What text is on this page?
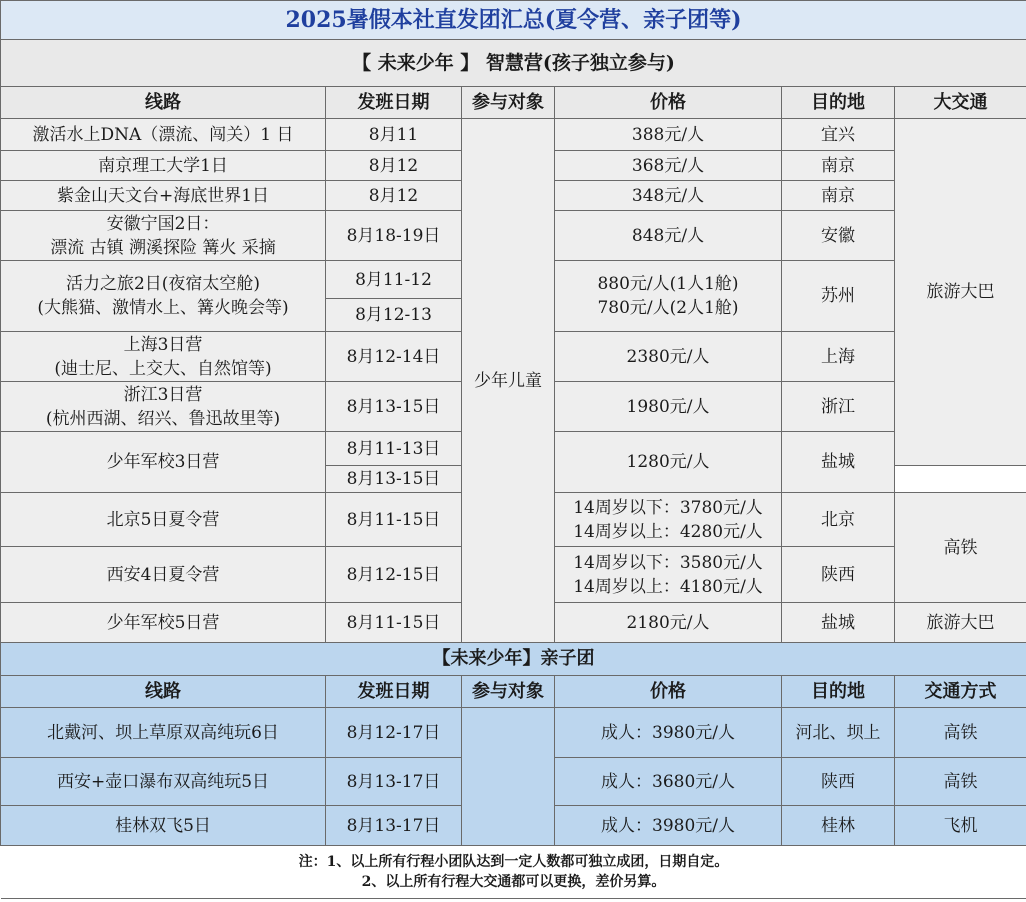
2025暑假本社直发团汇总(夏令营、亲子团等)					
【 未来少年 】 智慧营(孩子独立参与)					
线路	发班日期	参与对象	价格	目的地	大交通
激活水上DNA（漂流、闯关）1 日	8月11	少年儿童	388元/人	宜兴	旅游大巴
南京理工大学1日	8月12		368元/人	南京	
紫金山天文台+海底世界1日	8月12		348元/人	南京	

安徽宁国2日：
漂流 古镇 溯溪探险 篝火 采摘	8月18-19日		848元/人	安徽	

活力之旅2日(夜宿太空舱)
(大熊猫、激情水上、篝火晚会等)	8月11-12		880元/人(1人1舱)
780元/人(2人1舱)	苏州	
	8月12-13				

上海3日营
(迪士尼、上交大、自然馆等)	8月12-14日		2380元/人	上海	

浙江3日营
(杭州西湖、绍兴、鲁迅故里等)	8月13-15日		1980元/人	浙江	
少年军校3日营	8月11-13日		1280元/人	盐城	
	8月13-15日				
北京5日夏令营	8月11-15日		14周岁以下：3780元/人
14周岁以上：4280元/人	北京	高铁
西安4日夏令营	8月12-15日		14周岁以下：3580元/人
14周岁以上：4180元/人	陕西	
少年军校5日营	8月11-15日		2180元/人	盐城	旅游大巴
【未来少年】亲子团					
线路	发班日期	参与对象	价格	目的地	交通方式
北戴河、坝上草原双高纯玩6日	8月12-17日		成人：3980元/人	河北、坝上	高铁
西安+壶口瀑布双高纯玩5日	8月13-17日		成人：3680元/人	陕西	高铁
桂林双飞5日	8月13-17日		成人：3980元/人	桂林	飞机

注：1、以上所有行程小团队达到一定人数都可独立成团，日期自定。
2、以上所有行程大交通都可以更换，差价另算。					
